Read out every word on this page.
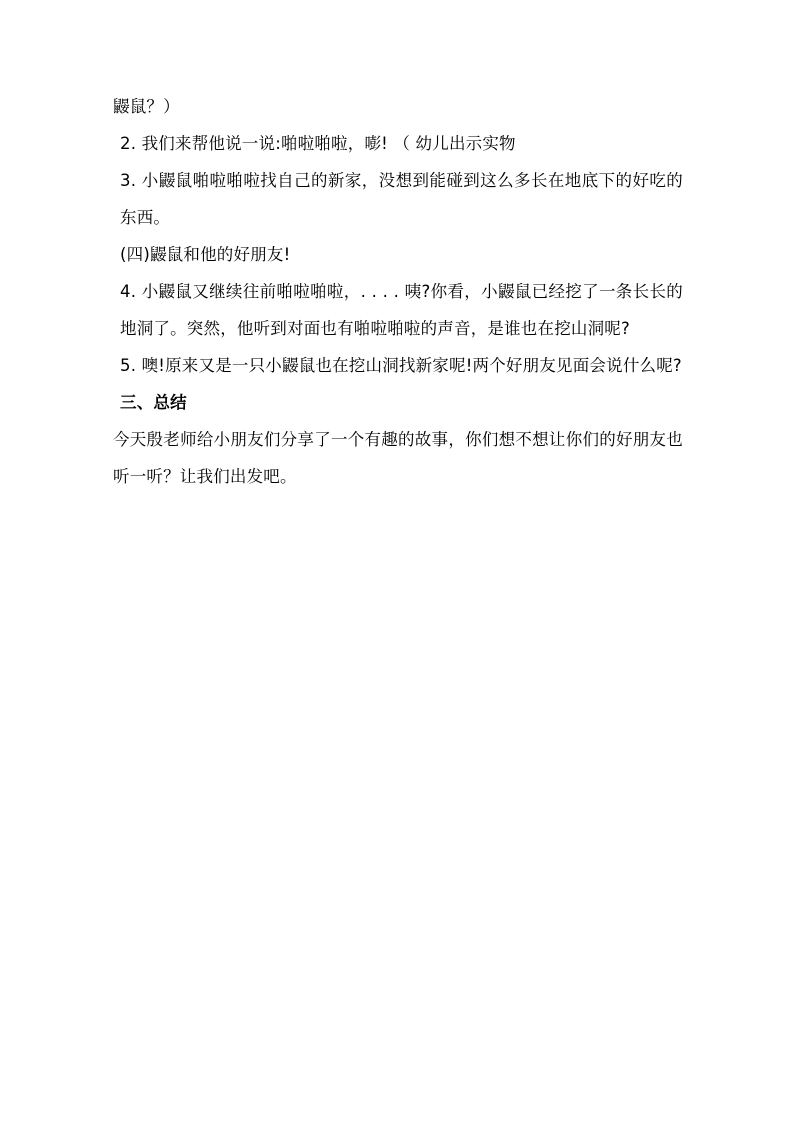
鼹鼠？）

2. 我们来帮他说一说:啪啦啪啦，嘭! （ 幼儿出示实物

3. 小鼹鼠啪啦啪啦找自己的新家，没想到能碰到这么多长在地底下的好吃的东西。

(四)鼹鼠和他的好朋友!

4. 小鼹鼠又继续往前啪啦啪啦，. . . . 咦?你看，小鼹鼠已经挖了一条长长的地洞了。突然，他听到对面也有啪啦啪啦的声音，是谁也在挖山洞呢?

5. 噢!原来又是一只小鼹鼠也在挖山洞找新家呢!两个好朋友见面会说什么呢?

三、总结

今天殷老师给小朋友们分享了一个有趣的故事，你们想不想让你们的好朋友也听一听？让我们出发吧。
